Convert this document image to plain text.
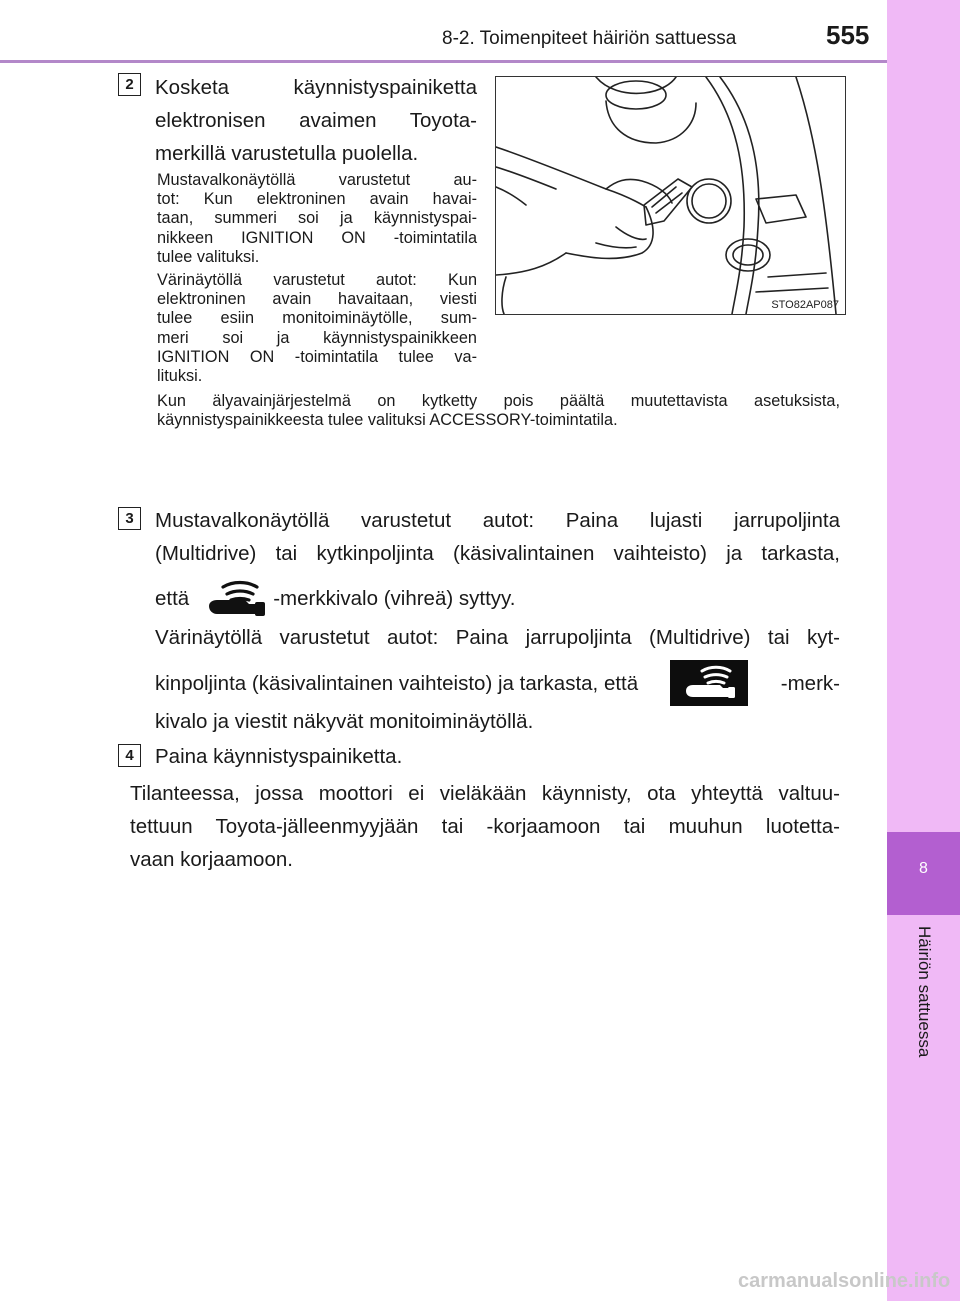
8-2. Toimenpiteet häiriön sattuessa	555
8
Häiriön sattuessa
2	Kosketa käynnistyspainiketta
elektronisen avaimen Toyota-
merkillä varustetulla puolella.
Mustavalkonäytöllä varustetut au-
tot: Kun elektroninen avain havai-
taan, summeri soi ja käynnistyspai-
nikkeen IGNITION ON -toimintatila
tulee valituksi.
Värinäytöllä varustetut autot: Kun
elektroninen avain havaitaan, viesti
tulee esiin monitoiminäytölle, sum-
meri soi ja käynnistyspainikkeen
IGNITION ON -toimintatila tulee va-
lituksi.
Kun älyavainjärjestelmä on kytketty pois päältä muutettavista asetuksista,
käynnistyspainikkeesta tulee valituksi ACCESSORY-toimintatila.
STO82AP087
3	Mustavalkonäytöllä varustetut autot: Paina lujasti jarrupoljinta
(Multidrive) tai kytkinpoljinta (käsivalintainen vaihteisto) ja tarkasta,
että	-merkkivalo (vihreä) syttyy.
Värinäytöllä varustetut autot: Paina jarrupoljinta (Multidrive) tai kyt-
kinpoljinta (käsivalintainen vaihteisto) ja tarkasta, että	-merk-
kivalo ja viestit näkyvät monitoiminäytöllä.
4	Paina käynnistyspainiketta.
Tilanteessa, jossa moottori ei vieläkään käynnisty, ota yhteyttä valtuu-
tettuun Toyota-jälleenmyyjään tai -korjaamoon tai muuhun luotetta-
vaan korjaamoon.
carmanualsonline.info
